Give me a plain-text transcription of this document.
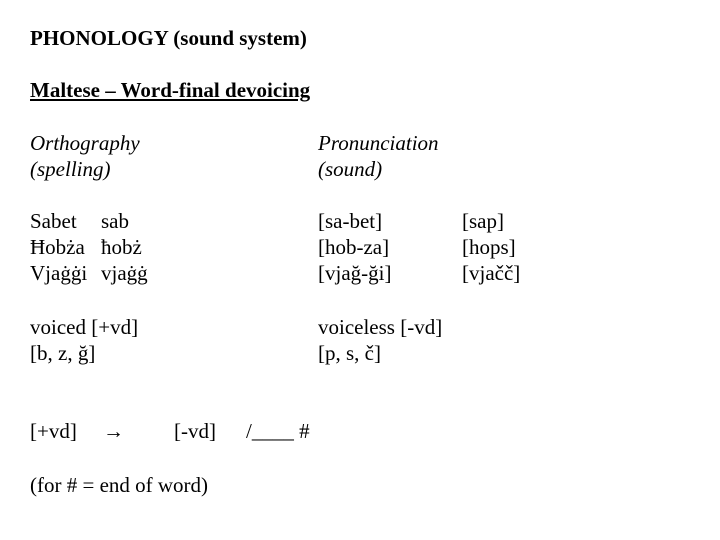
PHONOLOGY (sound system)
Maltese – Word-final devoicing
Orthography
(spelling)
Pronunciation
(sound)
Sabet
Ħobża
Vjaġġi
sab
ħobż
vjaġġ
[sa-bet]
[hob-za]
[vjağ-ği]
[sap]
[hops]
[vjačč]
voiced [+vd]
[b, z, ğ]
voiceless [-vd]
[p, s, č]
[+vd] → [-vd] /____ #
(for # = end of word)
